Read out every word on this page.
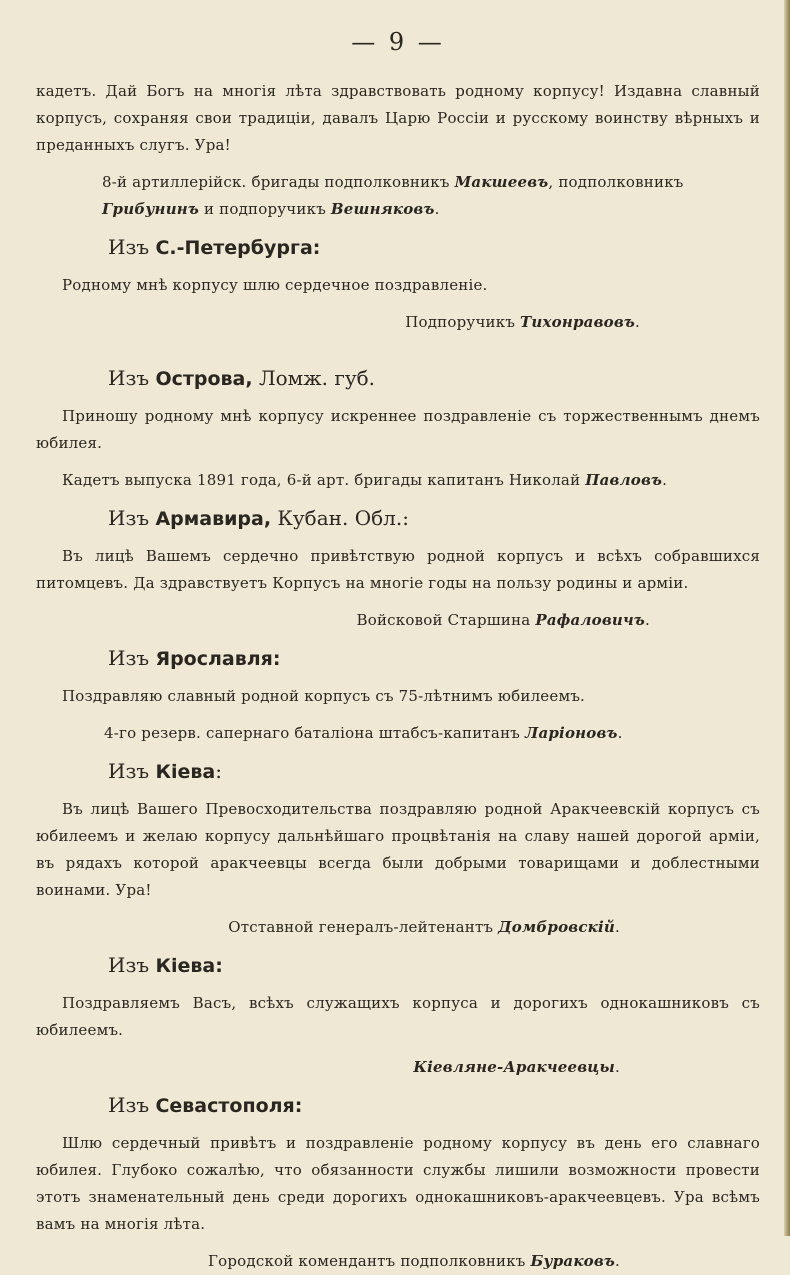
— 9 —

кадетъ. Дай Богъ на многія лѣта здравствовать родному корпусу! Издавна славный корпусъ, сохраняя свои традиціи, давалъ Царю Россіи и русскому воинству вѣрныхъ и преданныхъ слугъ. Ура!

8-й артиллерійск. бригады подполковникъ Макшеевъ, подполковникъ Грибунинъ и подпоручикъ Вешняковъ.

Изъ С.-Петербурга:

Родному мнѣ корпусу шлю сердечное поздравленіе.

Подпоручикъ Тихонравовъ.

Изъ Острова, Ломж. губ.

Приношу родному мнѣ корпусу искреннее поздравленіе съ торжественнымъ днемъ юбилея.

Кадетъ выпуска 1891 года, 6-й арт. бригады капитанъ Николай Павловъ.

Изъ Армавира, Кубан. Обл.:

Въ лицѣ Вашемъ сердечно привѣтствую родной корпусъ и всѣхъ собравшихся питомцевъ. Да здравствуетъ Корпусъ на многіе годы на пользу родины и арміи.

Войсковой Старшина Рафаловичъ.

Изъ Ярославля:

Поздравляю славный родной корпусъ съ 75-лѣтнимъ юбилеемъ.

4-го резерв. сапернаго баталіона штабсъ-капитанъ Ларіоновъ.

Изъ Кіева:

Въ лицѣ Вашего Превосходительства поздравляю родной Аракчеевскій корпусъ съ юбилеемъ и желаю корпусу дальнѣйшаго процвѣтанія на славу нашей дорогой арміи, въ рядахъ которой аракчеевцы всегда были добрыми товарищами и доблестными воинами. Ура!

Отставной генералъ-лейтенантъ Домбровскій.

Изъ Кіева:

Поздравляемъ Васъ, всѣхъ служащихъ корпуса и дорогихъ однокашниковъ съ юбилеемъ.

Кіевляне-Аракчеевцы.

Изъ Севастополя:

Шлю сердечный привѣтъ и поздравленіе родному корпусу въ день его славнаго юбилея. Глубоко сожалѣю, что обязанности службы лишили возможности провести этотъ знаменательный день среди дорогихъ однокашниковъ-аракчеевцевъ. Ура всѣмъ вамъ на многія лѣта.

Городской комендантъ подполковникъ Бураковъ.
